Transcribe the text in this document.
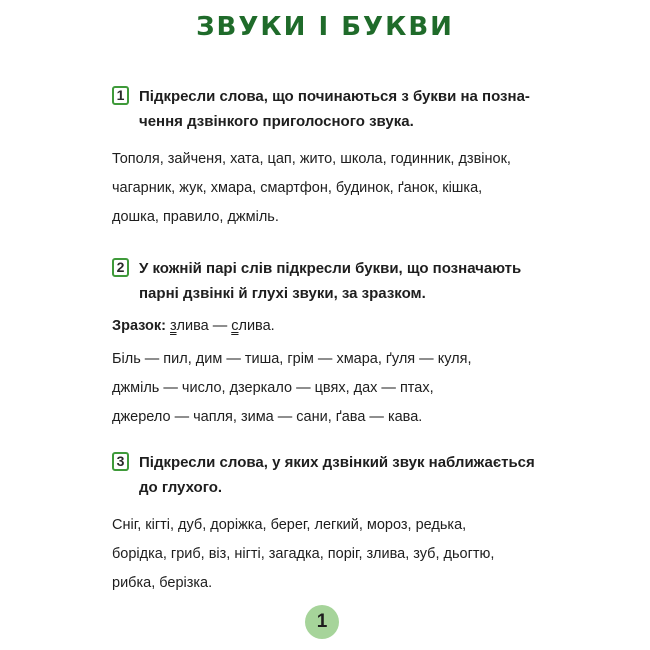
ЗВУКИ І БУКВИ
1 Підкресли слова, що починаються з букви на позна-
чення дзвінкого приголосного звука.
Тополя, зайченя, хата, цап, жито, школа, годинник, дзвінок,
чагарник, жук, хмара, смартфон, будинок, ґанок, кішка,
дошка, правило, джміль.
2 У кожній парі слів підкресли букви, що позначають
парні дзвінкі й глухі звуки, за зразком.
Зразок: злива — слива.
Біль — пил, дим — тиша, грім — хмара, ґуля — куля,
джміль — число, дзеркало — цвях, дах — птах,
джерело — чапля, зима — сани, ґава — кава.
3 Підкресли слова, у яких дзвінкий звук наближається
до глухого.
Сніг, кігті, дуб, доріжка, берег, легкий, мороз, редька,
борідка, гриб, віз, нігті, загадка, поріг, злива, зуб, дьогтю,
рибка, берізка.
1
